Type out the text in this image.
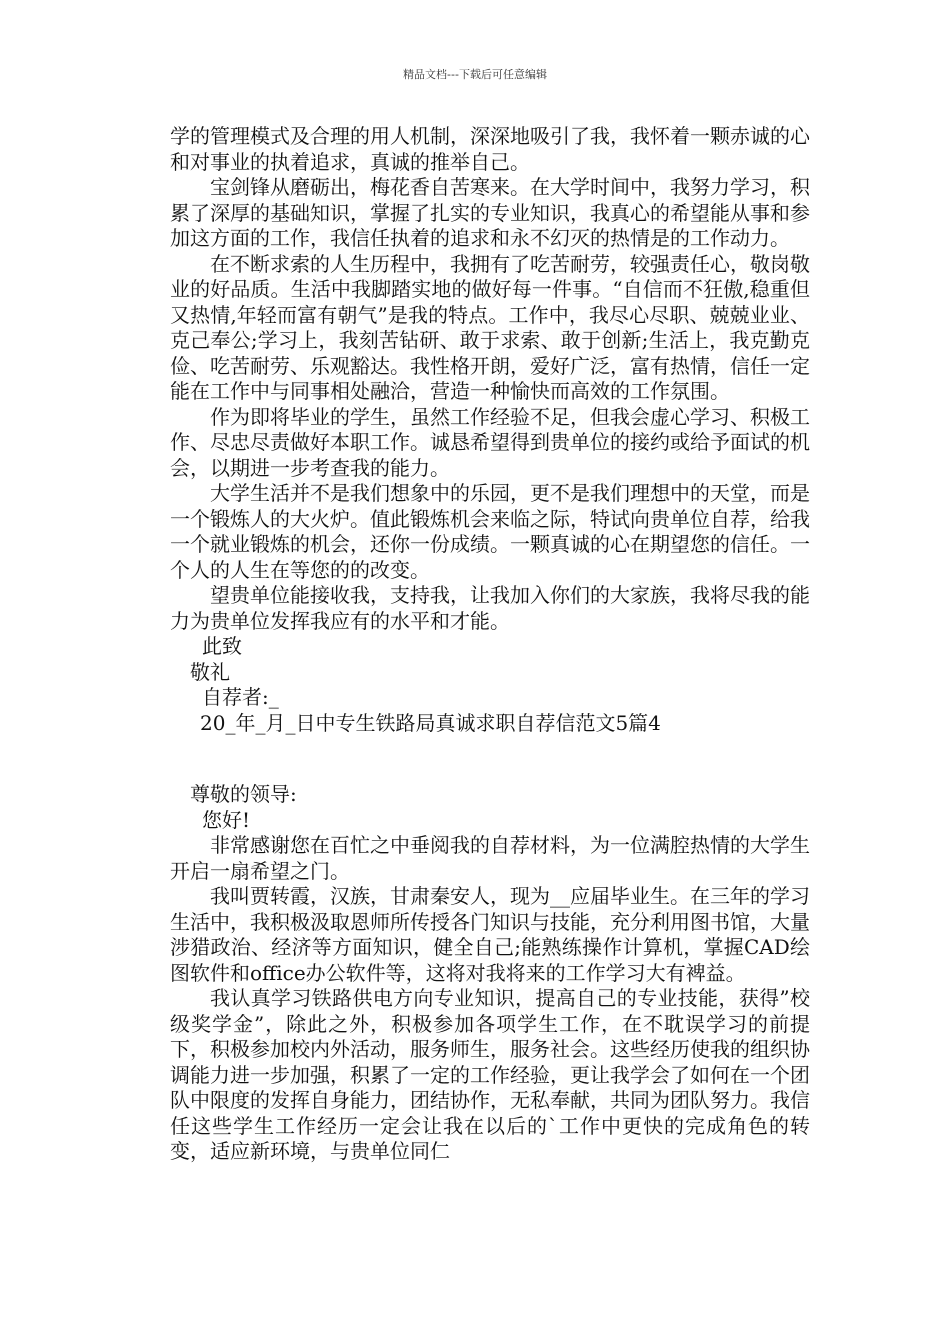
精品文档---下载后可任意编辑

学的管理模式及合理的用人机制，深深地吸引了我，我怀着一颗赤诚的心和对事业的执着追求，真诚的推举自己。

宝剑锋从磨砺出，梅花香自苦寒来。在大学时间中，我努力学习，积累了深厚的基础知识，掌握了扎实的专业知识，我真心的希望能从事和参加这方面的工作，我信任执着的追求和永不幻灭的热情是的工作动力。

在不断求索的人生历程中，我拥有了吃苦耐劳，较强责任心，敬岗敬业的好品质。生活中我脚踏实地的做好每一件事。“自信而不狂傲,稳重但又热情,年轻而富有朝气”是我的特点。工作中，我尽心尽职、兢兢业业、克己奉公;学习上，我刻苦钻研、敢于求索、敢于创新;生活上，我克勤克俭、吃苦耐劳、乐观豁达。我性格开朗，爱好广泛，富有热情，信任一定能在工作中与同事相处融洽，营造一种愉快而高效的工作氛围。

作为即将毕业的学生，虽然工作经验不足，但我会虚心学习、积极工作、尽忠尽责做好本职工作。诚恳希望得到贵单位的接约或给予面试的机会，以期进一步考查我的能力。

大学生活并不是我们想象中的乐园，更不是我们理想中的天堂，而是一个锻炼人的大火炉。值此锻炼机会来临之际，特试向贵单位自荐，给我一个就业锻炼的机会，还你一份成绩。一颗真诚的心在期望您的信任。一个人的人生在等您的的改变。

望贵单位能接收我，支持我，让我加入你们的大家族，我将尽我的能力为贵单位发挥我应有的水平和才能。

此致

敬礼

自荐者:_

20_年_月_日中专生铁路局真诚求职自荐信范文5篇4

尊敬的领导:

您好!

非常感谢您在百忙之中垂阅我的自荐材料，为一位满腔热情的大学生开启一扇希望之门。

我叫贾转霞，汉族，甘肃秦安人，现为__应届毕业生。在三年的学习生活中，我积极汲取恩师所传授各门知识与技能，充分利用图书馆，大量涉猎政治、经济等方面知识，健全自己;能熟练操作计算机，掌握CAD绘图软件和office办公软件等，这将对我将来的工作学习大有裨益。

我认真学习铁路供电方向专业知识，提高自己的专业技能，获得”校级奖学金”，除此之外，积极参加各项学生工作，在不耽误学习的前提下，积极参加校内外活动，服务师生，服务社会。这些经历使我的组织协调能力进一步加强，积累了一定的工作经验，更让我学会了如何在一个团队中限度的发挥自身能力，团结协作，无私奉献，共同为团队努力。我信任这些学生工作经历一定会让我在以后的`工作中更快的完成角色的转变，适应新环境，与贵单位同仁
